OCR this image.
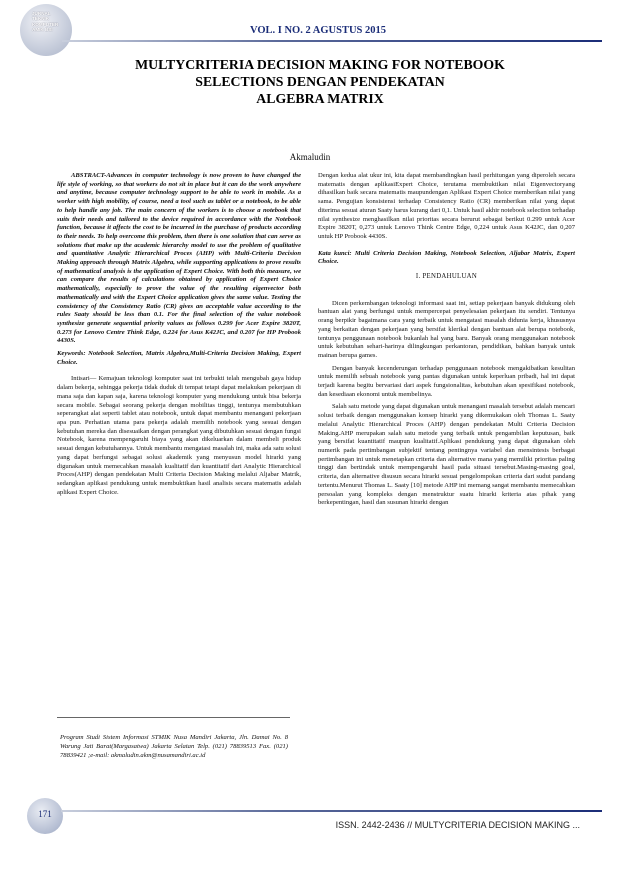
JURNAL
TEKNIK
KOMPUTER
AMIK BSI	VOL. I NO. 2 AGUSTUS 2015
MULTYCRITERIA DECISION MAKING FOR NOTEBOOK
SELECTIONS DENGAN PENDEKATAN
ALGEBRA MATRIX
Akmaludin

ABSTRACT-Advances in computer technology is now proven to have changed the life style of working, so that workers do not sit in place but it can do the work anywhere and anytime, because computer technology support to be able to work in mobile. As a worker with high mobility, of course, need a tool such as tablet or a notebook, to be able to help handle any job. The main concern of the workers is to choose a notebook that suits their needs and tailored to the device required in accordance with the Notebook function, because it affects the cost to be incurred in the purchase of products according to their needs. To help overcome this problem, then there is one solution that can serve as solutions that make up the academic hierarchy model to use the problem of qualitative and quantitative Analytic Hierarchical Proces (AHP) with Multi-Criteria Decision Making approach through Matrix Algebra, while supporting applications to prove results of mathematical analysis is the application of Expert Choice. With both this measure, we can compare the results of calculations obtained by application of Expert Choice mathematically, especially to prove the value of the resulting eigenvector both mathematically and with the Expert Choice application gives the same value. Testing the consistency of the Consistency Ratio (CR) gives an acceptable value according to the rules Saaty should be less than 0.1. For the final selection of the value notebook synthesize generate sequential priority values as follows 0.299 for Acer Expire 3820T, 0.273 for Lenovo Centre Think Edge, 0.224 for Asus K42JC, and 0.207 for HP Probook 4430S.

Keywords: Notebook Selection, Matrix Algebra,Multi-Criteria Decision Making, Expert Choice.

Intisari— Kemajuan teknologi komputer saat ini terbukti telah mengubah gaya hidup dalam bekerja, sehingga pekerja tidak duduk di tempat tetapi dapat melakukan pekerjaan di mana saja dan kapan saja, karena teknologi komputer yang mendukung untuk bisa bekerja secara mobile. Sebagai seorang pekerja dengan mobilitas tinggi, tentunya membutuhkan seperangkat alat seperti tablet atau notebook, untuk dapat membantu menangani pekerjaan apa pun. Perhatian utama para pekerja adalah memilih notebook yang sesuai dengan kebutuhan mereka dan disesuaikan dengan perangkat yang dibutuhkan sesuai dengan fungsi Notebook, karena mempengaruhi biaya yang akan dikeluarkan dalam membeli produk sesuai dengan kebutuhannya. Untuk membantu mengatasi masalah ini, maka ada satu solusi yang dapat berfungsi sebagai solusi akademik yang menyusun model hirarki yang digunakan untuk memecahkan masalah kualitatif dan kuantitatif dari Analytic Hierarchical Proces(AHP) dengan pendekatan Multi Criteria Decision Making melalui Aljabar Matrik, sedangkan aplikasi pendukung untuk membuktikan hasil analisis secara matematis adalah aplikasi Expert Choice.

Dengan kedua alat ukur ini, kita dapat membandingkan hasil perhitungan yang diperoleh secara matematis dengan aplikasiExpert Choice, terutama membuktikan nilai Eigenvectoryang dihasilkan baik secara matematis maupundengan Aplikasi Expert Choice memberikan nilai yang sama. Pengujian konsistensi terhadap Consistency Ratio (CR) memberikan nilai yang dapat diterima sesuai aturan Saaty harus kurang dari 0,1. Untuk hasil akhir notebook selection terhadap nilai synthesize menghasilkan nilai prioritas secara berurut sebagai berikut 0.299 untuk Acer Expire 3820T, 0,273 untuk Lenovo Think Centre Edge, 0,224 untuk Asus K42JC, dan 0,207 untuk HP Probook 4430S.

Kata kunci: Multi Criteria Decision Making, Notebook Selection, Aljabar Matrix, Expert Choice.

I. PENDAHULUAN

Dicen perkembangan teknologi informasi saat ini, setiap pekerjaan banyak didukung oleh bantuan alat yang berfungsi untuk mempercepat penyelesaian pekerjaan itu sendiri. Tentunya orang berpikir bagaimana cara yang terbaik untuk mengatasi masalah didunia kerja, khususnya yang berkaitan dengan pekerjaan yang bersifat klerikal dengan bantuan alat berupa notebook, tentunya penggunaan notebook bukanlah hal yang baru. Banyak orang menggunakan notebook untuk kebutuhan sehari-harinya dilingkungan perkantoran, pendidikan, bahkan banyak untuk mainan berupa games.

Dengan banyak kecenderungan terhadap penggunaan notebook mengakibatkan kesulitan untuk memilih sebuah notebook yang pantas digunakan untuk keperluan pribadi, hal ini dapat terjadi karena begitu bervariasi dari aspek fungsionalitas, kebutuhan akan spesifikasi notebook, dan kesediaan ekonomi untuk membelinya.

Salah satu metode yang dapat digunakan untuk menangani masalah tersebut adalah mencari solusi terbaik dengan menggunakan konsep hirarki yang dikemukakan oleh Thomas L. Saaty melalui Analytic Hierarchical Proces (AHP) dengan pendekatan Multi Criteria Decision Making.AHP merupakan salah satu metode yang terbaik untuk pengambilan keputusan, baik yang bersifat kuantitatif maupun kualitatif.Aplikasi pendukung yang dapat digunakan oleh numerik pada pertimbangan subjektif tentang pentingnya variabel dan mensintesis berbagai pertimbangan ini untuk menetapkan criteria dan alternative mana yang memiliki prioritas paling tinggi dan bertindak untuk mempengaruhi hasil pada situasi tersebut.Masing-masing goal, criteria, dan alternative disusun secara hirarki sesuai pengelompokan criteria dari sudut pandang tertentu.Menurut Thomas L. Saaty [10] metode AHP ini memang sangat membantu memecahkan persoalan yang kompleks dengan menstruktur suatu hirarki kriteria atas pihak yang berkepentingan, hasil dan susunan hirarki dengan

Program Studi Sistem Informasi STMIK Nusa Mandiri Jakarta, Jln. Damai No. 8 Warung Jati Barat(Margasatwa) Jakarta Selatan Telp. (021) 78839513 Fax. (021) 78839421 ;e-mail: akmaludin.akm@nusamandiri.ac.id
171
ISSN. 2442-2436 // MULTYCRITERIA DECISION MAKING ...
